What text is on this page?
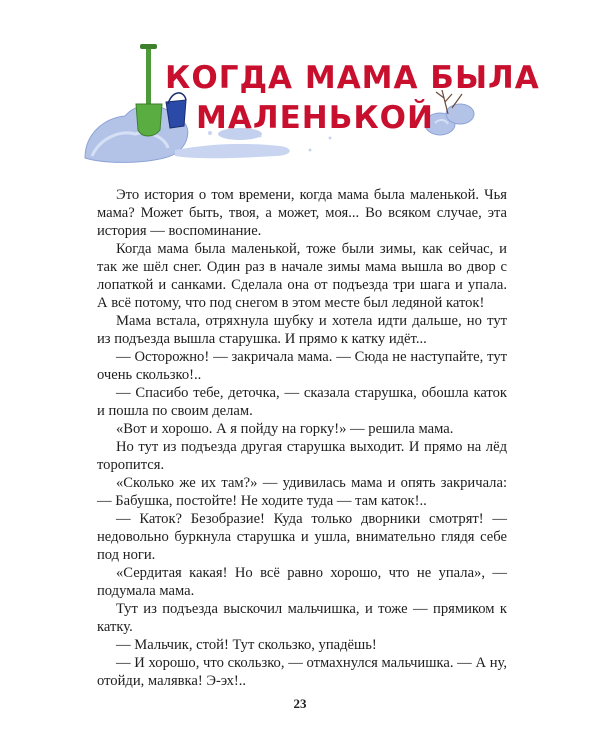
КОГДА МАМА БЫЛА
МАЛЕНЬКОЙ

Это история о том времени, когда мама была маленькой. Чья мама? Может быть, твоя, а может, моя... Во всяком случае, эта история — воспоминание.

Когда мама была маленькой, тоже были зимы, как сейчас, и так же шёл снег. Один раз в начале зимы мама вышла во двор с лопаткой и санками. Сделала она от подъезда три шага и упала. А всё потому, что под снегом в этом месте был ледяной каток!

Мама встала, отряхнула шубку и хотела идти дальше, но тут из подъезда вышла старушка. И прямо к катку идёт...

— Осторожно! — закричала мама. — Сюда не наступайте, тут очень скользко!..

— Спасибо тебе, деточка, — сказала старушка, обошла каток и пошла по своим делам.

«Вот и хорошо. А я пойду на горку!» — решила мама.

Но тут из подъезда другая старушка выходит. И прямо на лёд торопится.

«Сколько же их там?» — удивилась мама и опять закричала: — Бабушка, постойте! Не ходите туда — там каток!..

— Каток? Безобразие! Куда только дворники смотрят! — недовольно буркнула старушка и ушла, внимательно глядя себе под ноги.

«Сердитая какая! Но всё равно хорошо, что не упала», — подумала мама.

Тут из подъезда выскочил мальчишка, и тоже — прямиком к катку.

— Мальчик, стой! Тут скользко, упадёшь!

— И хорошо, что скользко, — отмахнулся мальчишка. — А ну, отойди, малявка! Э-эх!..

23
